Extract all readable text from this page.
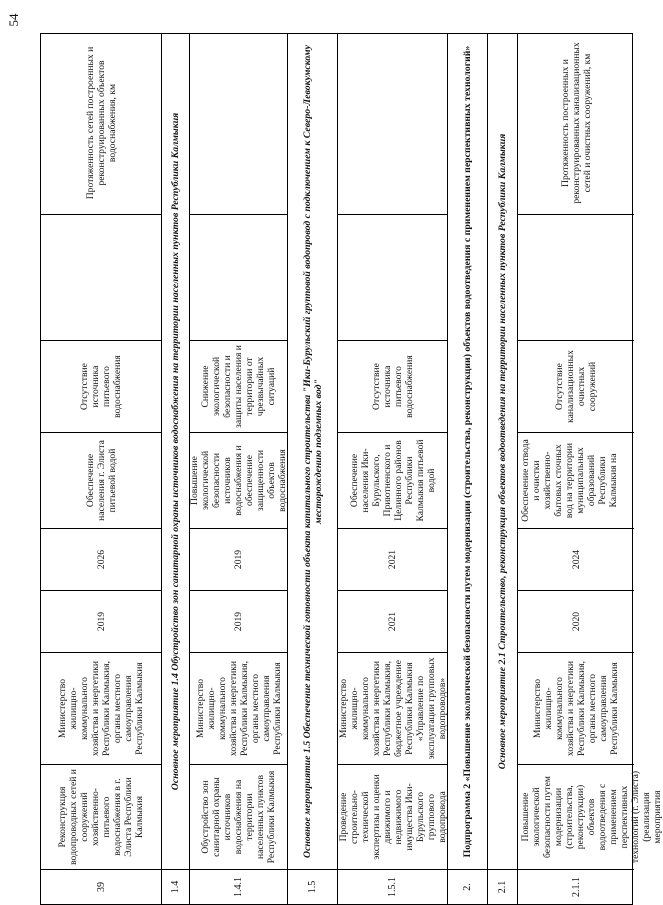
39
Реконструкция водопроводных сетей и сооружений хозяйственно-питьевого водоснабжения в г. Элиста Республики Калмыкия
Министерство жилищно-коммунального хозяйства и энергетики Республики Калмыкия, органы местного самоуправления Республики Калмыкия
2019
2026
Обеспечение населения г. Элиста питьевой водой
Отсутствие источника питьевого водоснабжения
Протяженность сетей построенных и реконструированных объектов водоснабжения, км
1.4
Основное мероприятие 1.4 Обустройство зон санитарной охраны источников водоснабжения на территории населенных пунктов Республики Калмыкия
1.4.1
Обустройство зон санитарной охраны источников водоснабжения на территории населенных пунктов Республики Калмыкия
Министерство жилищно-коммунального хозяйства и энергетики Республики Калмыкия, органы местного самоуправления Республики Калмыкия
2019
2019
Повышение экологической безопасности источников водоснабжения и обеспечение защищенности объектов водоснабжения
Снижение экологической безопасности и защиты населения и территории от чрезвычайных ситуаций
1.5
Основное мероприятие 1.5 Обеспечение технической готовности объекта капитального строительства "Ики-Бурульский групповой водопровод с подключением к Северо-Левокумскому месторождению подземных вод"
1.5.1
Проведение строительно-технической экспертизы и оценки движимого и недвижимого имущества Ики-Бурульского группового водопровода
Министерство жилищно-коммунального хозяйства и энергетики Республики Калмыкия, бюджетное учреждение Республики Калмыкия «Управление по эксплуатации групповых водопроводов»
2021
2021
Обеспечение населения Ики-Бурульского, Приютненского и Целинного районов Республики Калмыкия питьевой водой
Отсутствие источника питьевого водоснабжения
2.
Подпрограмма 2 «Повышение экологической безопасности путем модернизации (строительства, реконструкции) объектов водоотведения с применением перспективных технологий»
2.1
Основное мероприятие 2.1 Строительство, реконструкция объектов водоотведения на территории населенных пунктов Республики Калмыкия
2.1.1
Повышение экологической безопасности путем модернизации (строительства, реконструкции) объектов водоотведения с применением перспективных технологий (г. Элиста) (реализация мероприятия
Министерство жилищно-коммунального хозяйства и энергетики Республики Калмыкия, органы местного самоуправления Республики Калмыкия
2020
2024
Обеспечение отвода и очистки хозяйственно-бытовых сточных вод на территории муниципальных образований Республики Калмыкия на
Отсутствие канализационных очистных сооружений
Протяженность построенных и реконструированных канализационных сетей и очистных сооружений, км
54
